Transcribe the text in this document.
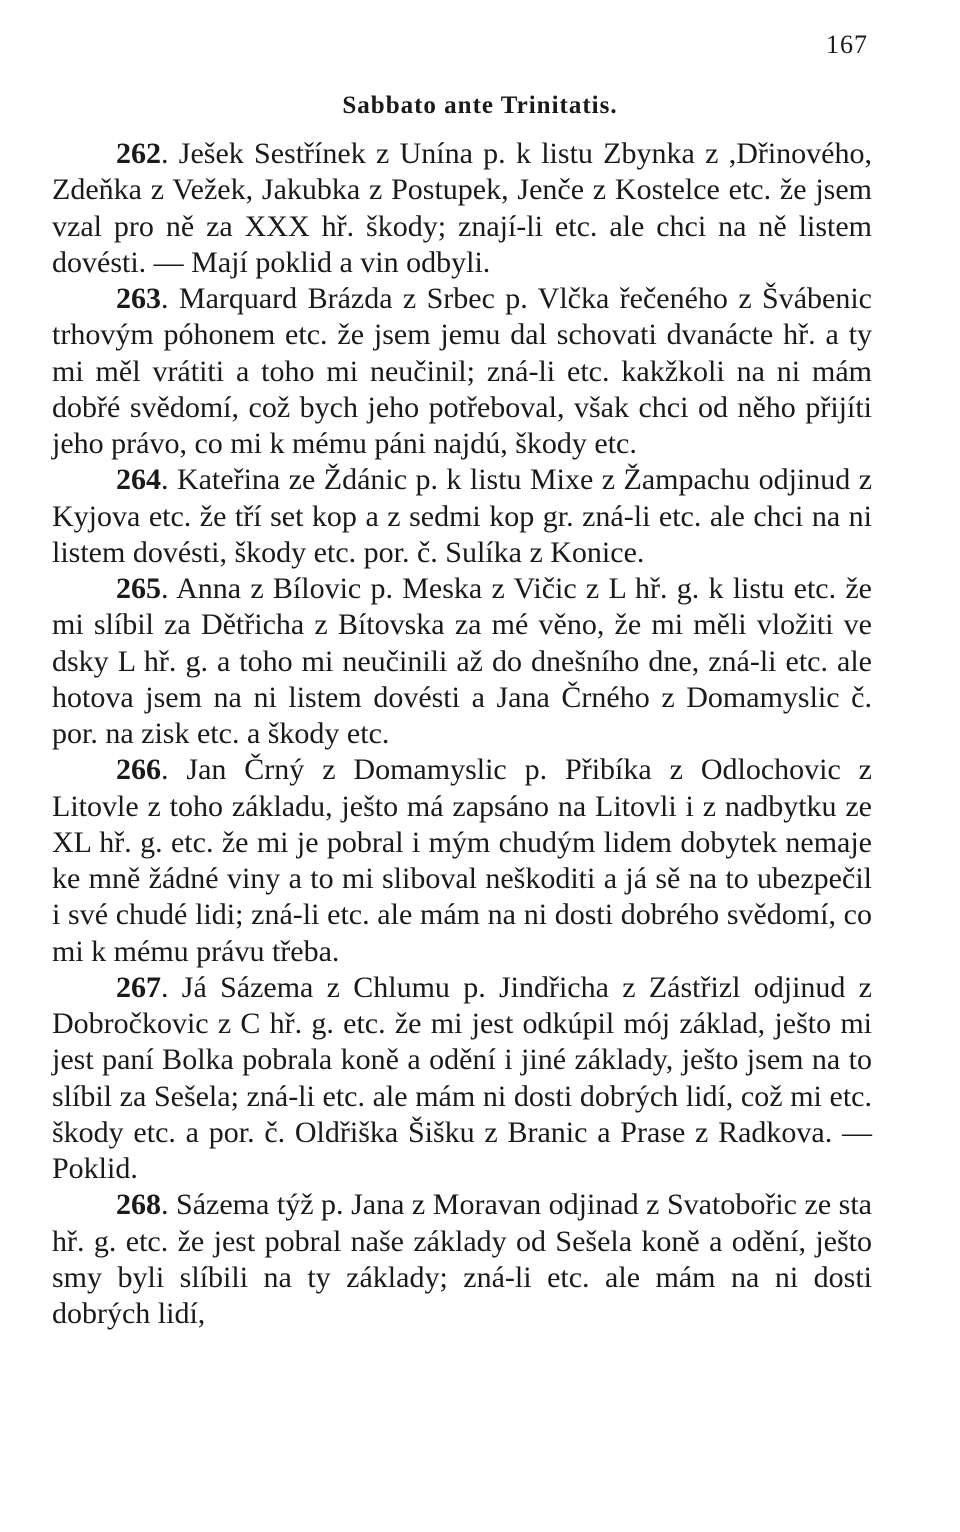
167
Sabbato ante Trinitatis.

262. Ješek Sestřínek z Unína p. k listu Zbynka z ,Dřinového, Zdeňka z Vežek, Jakubka z Postupek, Jenče z Kostelce etc. že jsem vzal pro ně za XXX hř. škody; znají-li etc. ale chci na ně listem dovésti. — Mají poklid a vin odbyli.

263. Marquard Brázda z Srbec p. Vlčka řečeného z Švábenic trhovým póhonem etc. že jsem jemu dal schovati dvanácte hř. a ty mi měl vrátiti a toho mi neučinil; zná-li etc. kakžkoli na ni mám dobřé svědomí, což bych jeho potřeboval, však chci od něho přijíti jeho právo, co mi k mému páni najdú, škody etc.

264. Kateřina ze Ždánic p. k listu Mixe z Žampachu odjinud z Kyjova etc. že tří set kop a z sedmi kop gr. zná-li etc. ale chci na ni listem dovésti, škody etc. por. č. Sulíka z Konice.

265. Anna z Bílovic p. Meska z Vičic z L hř. g. k listu etc. že mi slíbil za Dětřicha z Bítovska za mé věno, že mi měli vložiti ve dsky L hř. g. a toho mi neučinili až do dnešního dne, zná-li etc. ale hotova jsem na ni listem dovésti a Jana Črného z Domamyslic č. por. na zisk etc. a škody etc.

266. Jan Črný z Domamyslic p. Přibíka z Odlochovic z Litovle z toho základu, ješto má zapsáno na Litovli i z nadbytku ze XL hř. g. etc. že mi je pobral i mým chudým lidem dobytek nemaje ke mně žádné viny a to mi sliboval neškoditi a já sě na to ubezpečil i své chudé lidi; zná-li etc. ale mám na ni dosti dobrého svědomí, co mi k mému právu třeba.

267. Já Sázema z Chlumu p. Jindřicha z Zástřizl odjinud z Dobročkovic z C hř. g. etc. že mi jest odkúpil mój základ, ješto mi jest paní Bolka pobrala koně a odění i jiné základy, ješto jsem na to slíbil za Sešela; zná-li etc. ale mám ni dosti dobrých lidí, což mi etc. škody etc. a por. č. Oldřiška Šišku z Branic a Prase z Radkova. — Poklid.

268. Sázema týž p. Jana z Moravan odjinad z Svatobořic ze sta hř. g. etc. že jest pobral naše základy od Sešela koně a odění, ješto smy byli slíbili na ty základy; zná-li etc. ale mám na ni dosti dobrých lidí,
